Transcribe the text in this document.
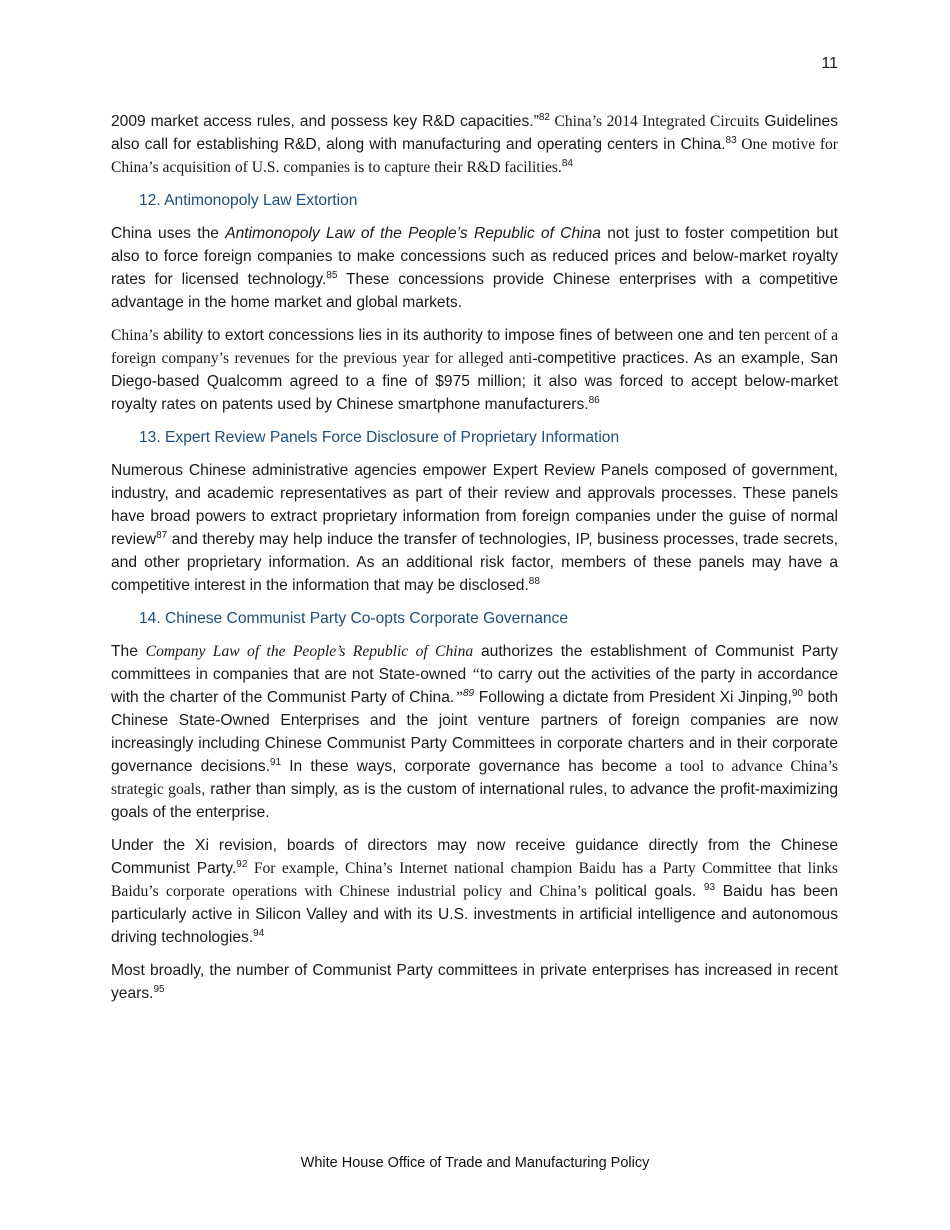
11

2009 market access rules, and possess key R&D capacities.”$^{82}$ China’s 2014 Integrated Circuits Guidelines also call for establishing R&D, along with manufacturing and operating centers in China.$^{83}$ One motive for China’s acquisition of U.S. companies is to capture their R&D facilities.$^{84}$

12. Antimonopoly Law Extortion

China uses the Antimonopoly Law of the People’s Republic of China not just to foster competition but also to force foreign companies to make concessions such as reduced prices and below-market royalty rates for licensed technology.$^{85}$ These concessions provide Chinese enterprises with a competitive advantage in the home market and global markets.

China’s ability to extort concessions lies in its authority to impose fines of between one and ten percent of a foreign company’s revenues for the previous year for alleged anti-competitive practices. As an example, San Diego-based Qualcomm agreed to a fine of $975 million; it also was forced to accept below-market royalty rates on patents used by Chinese smartphone manufacturers.$^{86}$

13. Expert Review Panels Force Disclosure of Proprietary Information

Numerous Chinese administrative agencies empower Expert Review Panels composed of government, industry, and academic representatives as part of their review and approvals processes. These panels have broad powers to extract proprietary information from foreign companies under the guise of normal review$^{87}$ and thereby may help induce the transfer of technologies, IP, business processes, trade secrets, and other proprietary information. As an additional risk factor, members of these panels may have a competitive interest in the information that may be disclosed.$^{88}$

14. Chinese Communist Party Co-opts Corporate Governance

The Company Law of the People’s Republic of China authorizes the establishment of Communist Party committees in companies that are not State-owned “to carry out the activities of the party in accordance with the charter of the Communist Party of China.”$^{89}$ Following a dictate from President Xi Jinping,$^{90}$ both Chinese State-Owned Enterprises and the joint venture partners of foreign companies are now increasingly including Chinese Communist Party Committees in corporate charters and in their corporate governance decisions.$^{91}$ In these ways, corporate governance has become a tool to advance China’s strategic goals, rather than simply, as is the custom of international rules, to advance the profit-maximizing goals of the enterprise.

Under the Xi revision, boards of directors may now receive guidance directly from the Chinese Communist Party.$^{92}$ For example, China’s Internet national champion Baidu has a Party Committee that links Baidu’s corporate operations with Chinese industrial policy and China’s political goals. $^{93}$ Baidu has been particularly active in Silicon Valley and with its U.S. investments in artificial intelligence and autonomous driving technologies.$^{94}$

Most broadly, the number of Communist Party committees in private enterprises has increased in recent years.$^{95}$

White House Office of Trade and Manufacturing Policy
